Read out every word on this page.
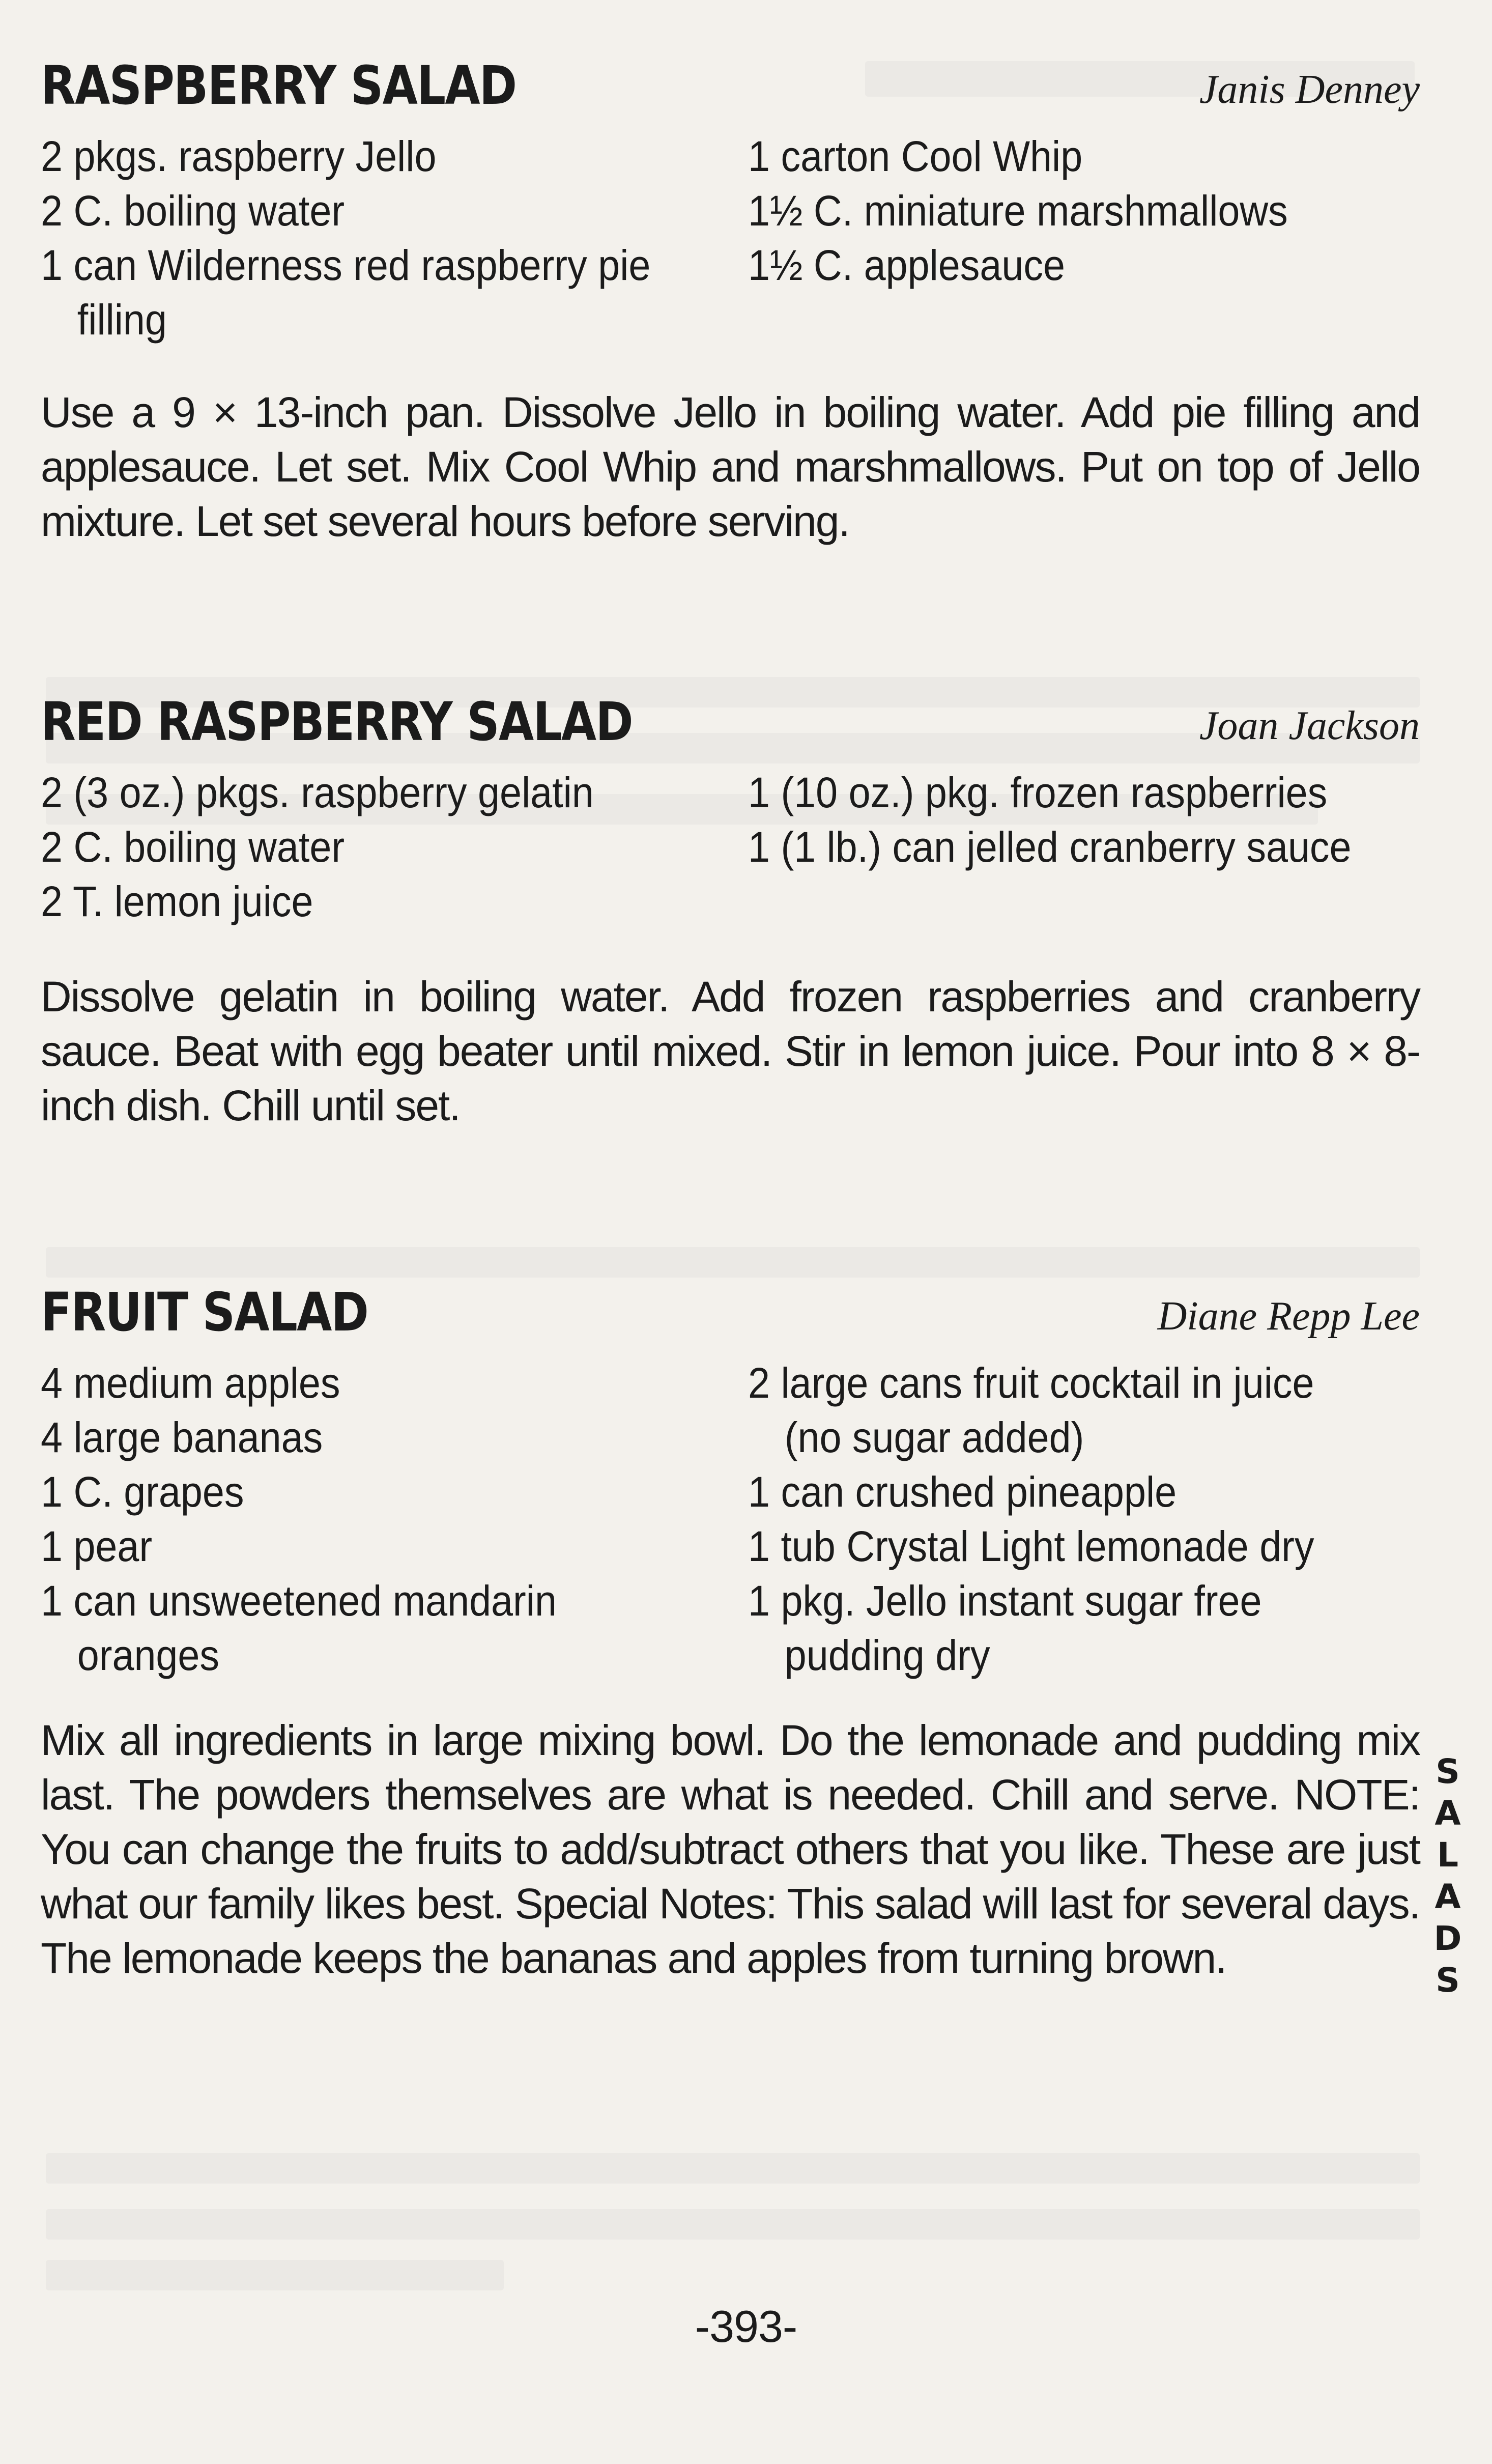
RASPBERRY SALAD	Janis Denney
2 pkgs. raspberry Jello
2 C. boiling water
1 can Wilderness red raspberry pie filling
1 carton Cool Whip
1½ C. miniature marshmallows
1½ C. applesauce

Use a 9 × 13-inch pan. Dissolve Jello in boiling water. Add pie filling and applesauce. Let set. Mix Cool Whip and marshmallows. Put on top of Jello mixture. Let set several hours before serving.

RED RASPBERRY SALAD	Joan Jackson
2 (3 oz.) pkgs. raspberry gelatin
2 C. boiling water
2 T. lemon juice
1 (10 oz.) pkg. frozen raspberries
1 (1 lb.) can jelled cranberry sauce

Dissolve gelatin in boiling water. Add frozen raspberries and cranberry sauce. Beat with egg beater until mixed. Stir in lemon juice. Pour into 8 × 8-inch dish. Chill until set.

FRUIT SALAD	Diane Repp Lee
4 medium apples
4 large bananas
1 C. grapes
1 pear
1 can unsweetened mandarin oranges
2 large cans fruit cocktail in juice (no sugar added)
1 can crushed pineapple
1 tub Crystal Light lemonade dry
1 pkg. Jello instant sugar free pudding dry

Mix all ingredients in large mixing bowl. Do the lemonade and pudding mix last. The powders themselves are what is needed. Chill and serve. NOTE: You can change the fruits to add/subtract others that you like. These are just what our family likes best. Special Notes: This salad will last for several days. The lemonade keeps the bananas and apples from turning brown.

S
A
L
A
D
S
-393-
